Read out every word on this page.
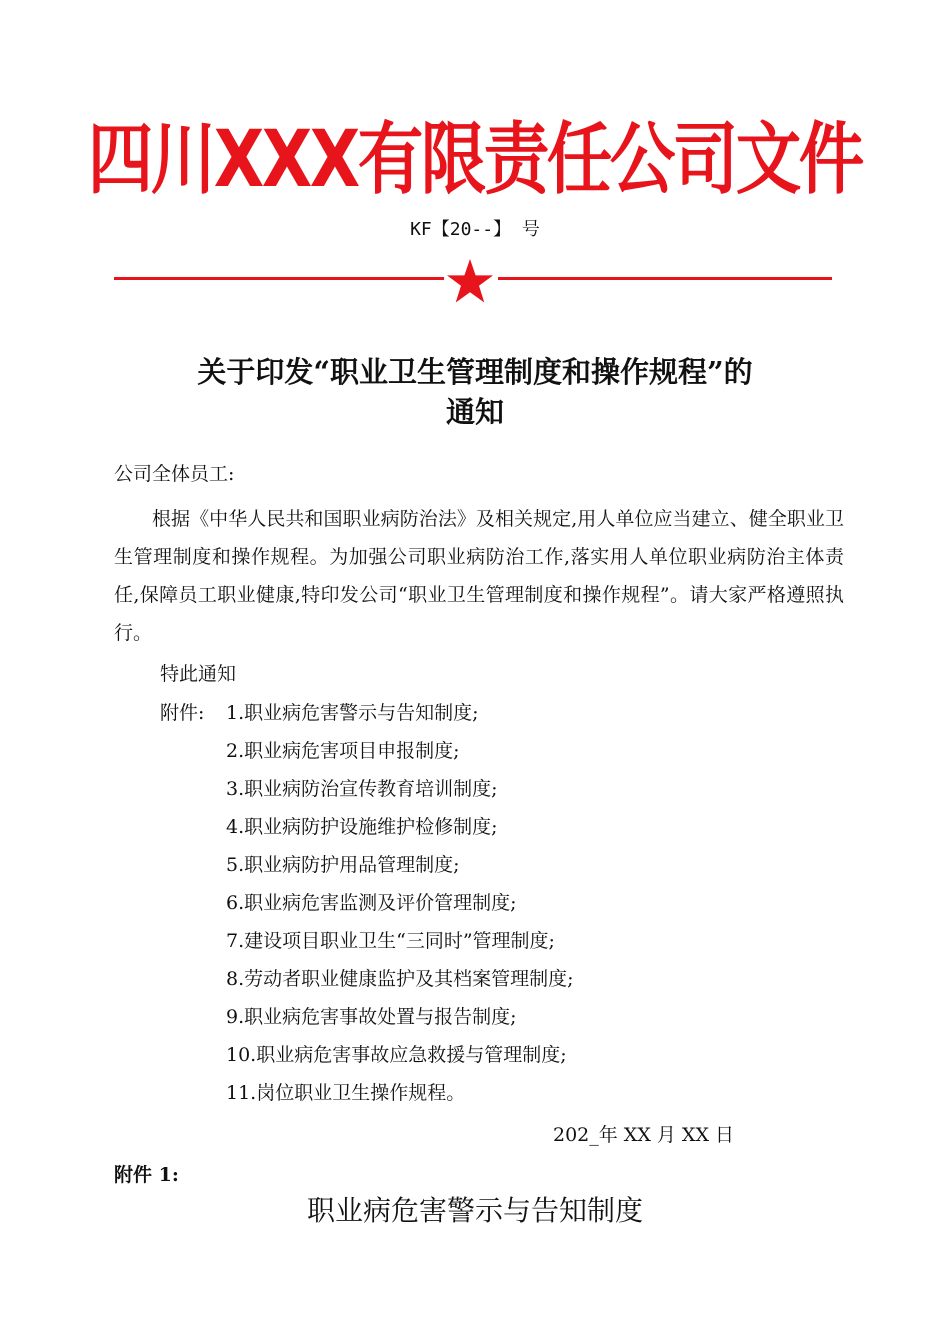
四川XXX有限责任公司文件
KF【20--】 号
关于印发“职业卫生管理制度和操作规程”的
通知
公司全体员工:
根据《中华人民共和国职业病防治法》及相关规定,用人单位应当建立、健全职业卫生管理制度和操作规程。为加强公司职业病防治工作,落实用人单位职业病防治主体责任,保障员工职业健康,特印发公司“职业卫生管理制度和操作规程”。请大家严格遵照执行。
特此通知
附件: 1.职业病危害警示与告知制度;
2.职业病危害项目申报制度;
3.职业病防治宣传教育培训制度;
4.职业病防护设施维护检修制度;
5.职业病防护用品管理制度;
6.职业病危害监测及评价管理制度;
7.建设项目职业卫生“三同时”管理制度;
8.劳动者职业健康监护及其档案管理制度;
9.职业病危害事故处置与报告制度;
10.职业病危害事故应急救援与管理制度;
11.岗位职业卫生操作规程。
202_年 XX 月 XX 日
附件 1:
职业病危害警示与告知制度
